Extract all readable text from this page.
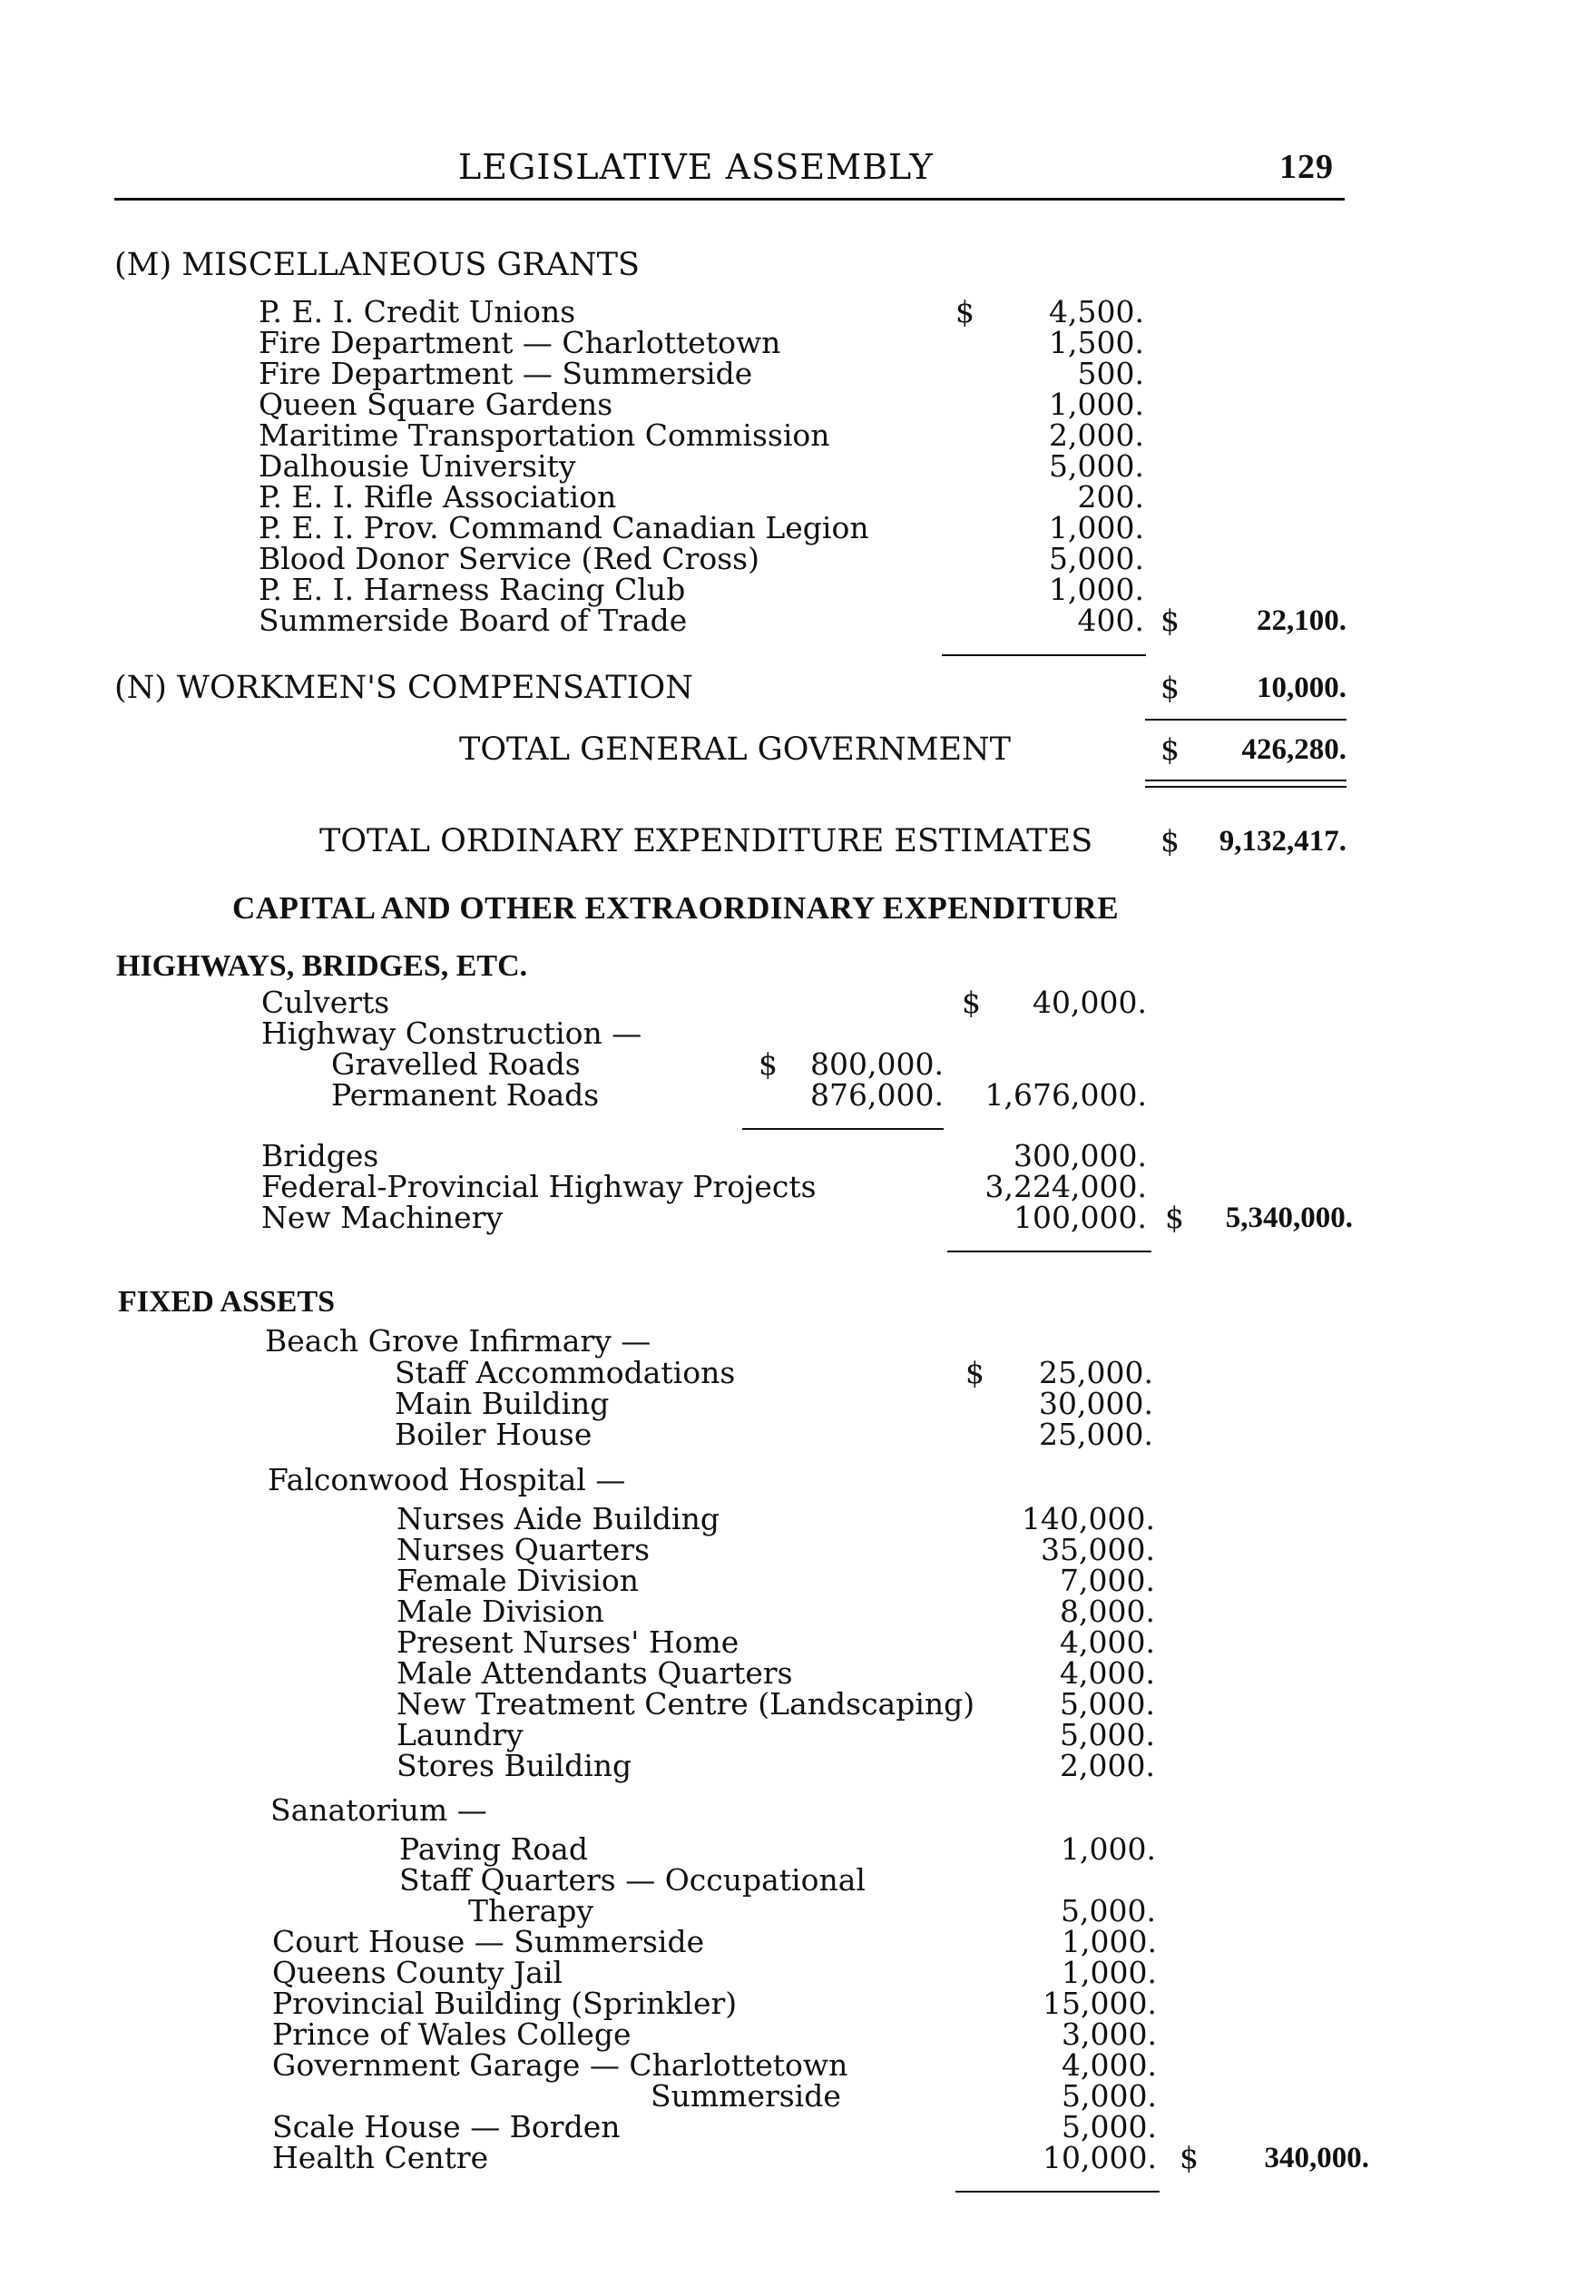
LEGISLATIVE ASSEMBLY	129
(M) MISCELLANEOUS GRANTS
$
P. E. I. Credit Unions	4,500.
Fire Department — Charlottetown	1,500.
Fire Department — Summerside	500.
Queen Square Gardens	1,000.
Maritime Transportation Commission	2,000.
Dalhousie University	5,000.
P. E. I. Rifle Association	200.
P. E. I. Prov. Command Canadian Legion	1,000.
Blood Donor Service (Red Cross)	5,000.
P. E. I. Harness Racing Club	1,000.
Summerside Board of Trade	400. $	22,100.
(N) WORKMEN'S COMPENSATION	$	10,000.
TOTAL GENERAL GOVERNMENT	$ 426,280.
TOTAL ORDINARY EXPENDITURE ESTIMATES $ 9,132,417.
CAPITAL AND OTHER EXTRAORDINARY EXPENDITURE
HIGHWAYS, BRIDGES, ETC.
Culverts	$ 40,000.
Highway Construction —
Gravelled Roads	$ 800,000.
Permanent Roads	876,000. 1,676,000.
Bridges	300,000.
Federal-Provincial Highway Projects	3,224,000.
New Machinery	100,000. $ 5,340,000.
FIXED ASSETS
Beach Grove Infirmary —
Staff Accommodations	$ 25,000.
Main Building	30,000.
Boiler House	25,000.
Falconwood Hospital —
Nurses Aide Building	140,000.
Nurses Quarters	35,000.
Female Division	7,000.
Male Division	8,000.
Present Nurses' Home	4,000.
Male Attendants Quarters	4,000.
New Treatment Centre (Landscaping)	5,000.
Laundry	5,000.
Stores Building	2,000.
Sanatorium —
Paving Road	1,000.
Staff Quarters — Occupational
Therapy	5,000.
Court House — Summerside	1,000.
Queens County Jail	1,000.
Provincial Building (Sprinkler)	15,000.
Prince of Wales College	3,000.
Government Garage — Charlottetown	4,000.
Summerside	5,000.
Scale House — Borden	5,000.
Health Centre	10,000. $ 340,000.
